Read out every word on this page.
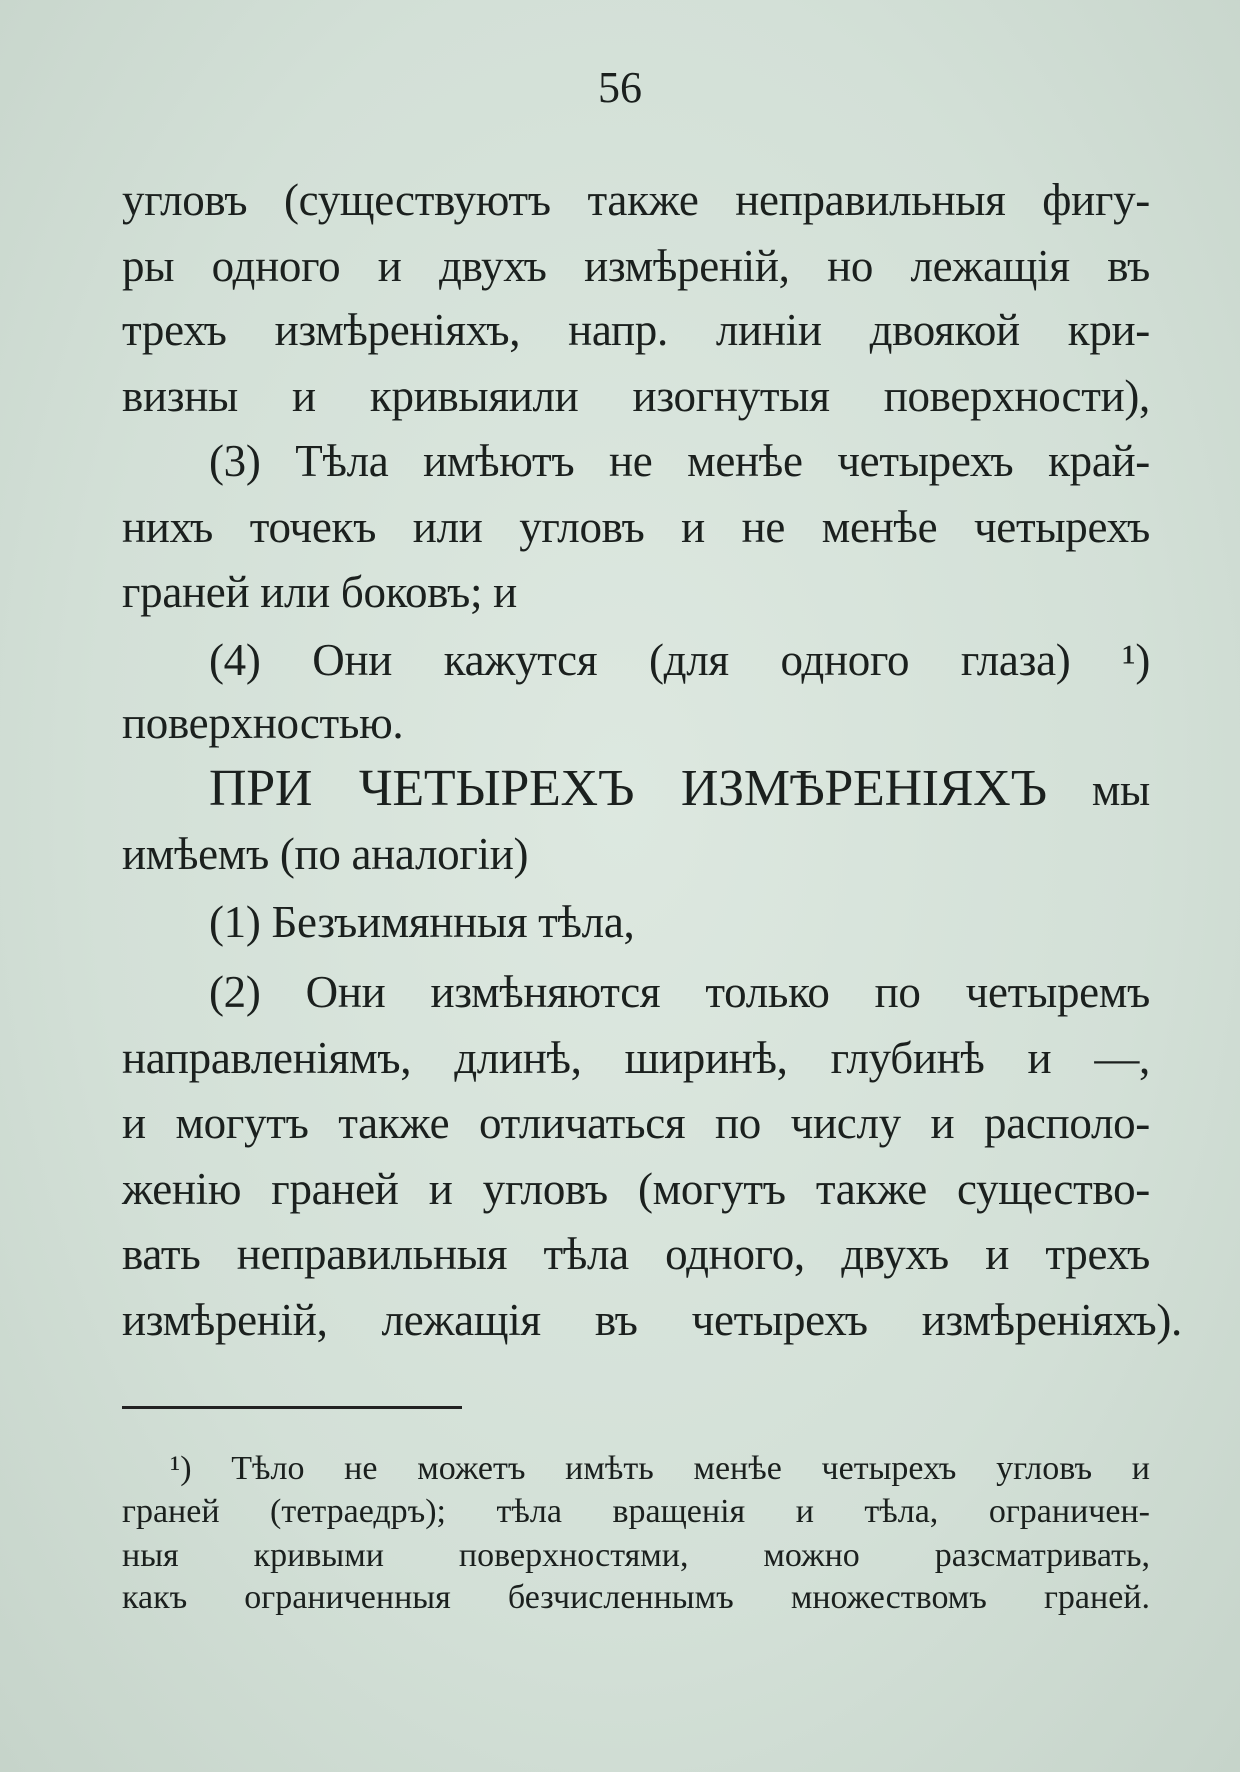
56
угловъ (существуютъ также неправильныя фигу-
ры одного и двухъ измѣреній, но лежащія въ
трехъ измѣреніяхъ, напр. линіи двоякой кри-
визны и кривыяили изогнутыя поверхности),
(3) Тѣла имѣютъ не менѣе четырехъ край-
нихъ точекъ или угловъ и не менѣе четырехъ
граней или боковъ; и
(4) Они кажутся (для одного глаза) ¹)
поверхностью.
ПРИ ЧЕТЫРЕХЪ ИЗМѢРЕНІЯХЪ мы
имѣемъ (по аналогіи)
(1) Безъимянныя тѣла,
(2) Они измѣняются только по четыремъ
направленіямъ, длинѣ, ширинѣ, глубинѣ и —,
и могутъ также отличаться по числу и располо-
женію граней и угловъ (могутъ также существо-
вать неправильныя тѣла одного, двухъ и трехъ
измѣреній, лежащія въ четырехъ измѣреніяхъ).
¹) Тѣло не можетъ имѣть менѣе четырехъ угловъ и
граней (тетраедръ); тѣла вращенія и тѣла, ограничен-
ныя кривыми поверхностями, можно разсматривать,
какъ ограниченныя безчисленнымъ множествомъ граней.
